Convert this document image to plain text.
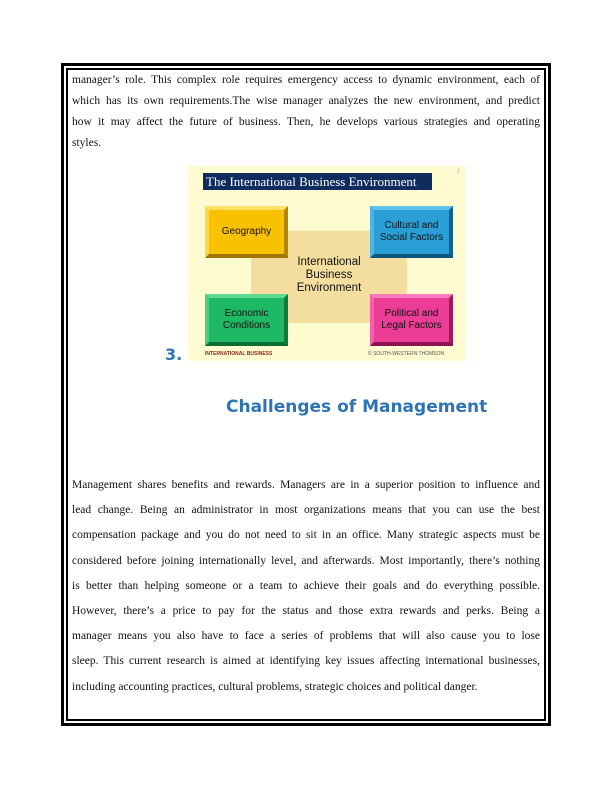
manager’s role. This complex role requires emergency access to dynamic environment, each of
which has its own requirements.The wise manager analyzes the new environment, and predict
how it may affect the future of business. Then, he develops various strategies and operating
styles.

The International Business Environment
1
International Business Environment
Geography
Cultural and Social Factors
Economic Conditions
Political and Legal Factors
INTERNATIONAL BUSINESS	© SOUTH-WESTERN THOMSON
3.
Challenges of Management

Management shares benefits and rewards. Managers are in a superior position to influence and
lead change. Being an administrator in most organizations means that you can use the best
compensation package and you do not need to sit in an office. Many strategic aspects must be
considered before joining internationally level, and afterwards. Most importantly, there’s nothing
is better than helping someone or a team to achieve their goals and do everything possible.
However, there’s a price to pay for the status and those extra rewards and perks. Being a
manager means you also have to face a series of problems that will also cause you to lose
sleep. This current research is aimed at identifying key issues affecting international businesses,
including accounting practices, cultural problems, strategic choices and political danger.
